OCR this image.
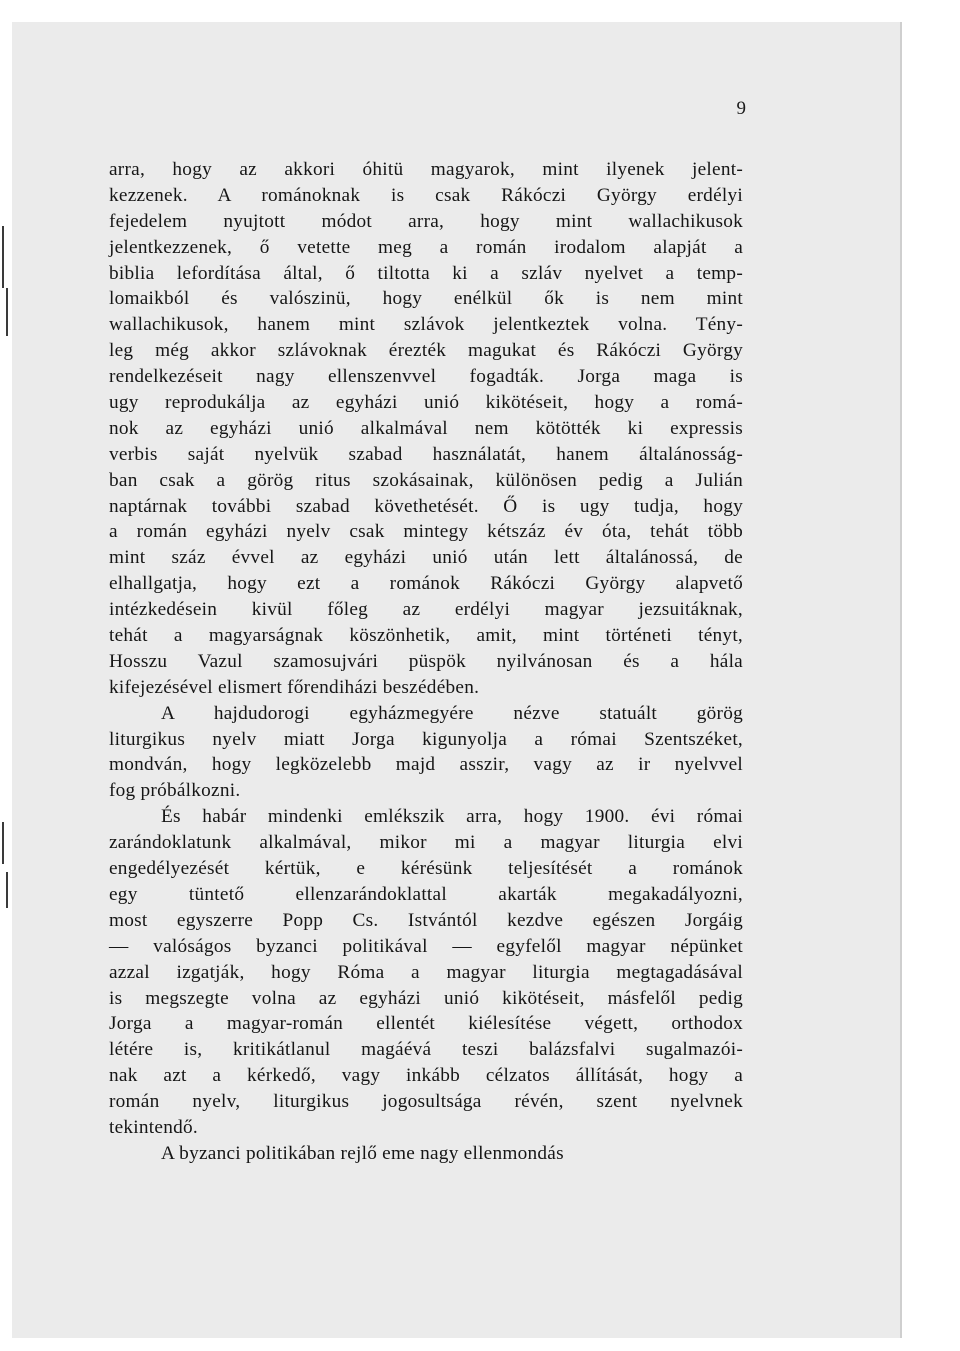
9
arra, hogy az akkori óhitü magyarok, mint ilyenek jelent-
kezzenek. A románoknak is csak Rákóczi György erdélyi
fejedelem nyujtott módot arra, hogy mint wallachikusok
jelentkezzenek, ő vetette meg a román irodalom alapját a
biblia lefordítása által, ő tiltotta ki a szláv nyelvet a temp-
lomaikból és valószinü, hogy enélkül ők is nem mint
wallachikusok, hanem mint szlávok jelentkeztek volna. Tény-
leg még akkor szlávoknak érezték magukat és Rákóczi György
rendelkezéseit nagy ellenszenvvel fogadták. Jorga maga is
ugy reprodukálja az egyházi unió kikötéseit, hogy a romá-
nok az egyházi unió alkalmával nem kötötték ki expressis
verbis saját nyelvük szabad használatát, hanem általánosság-
ban csak a görög ritus szokásainak, különösen pedig a Julián
naptárnak további szabad követhetését. Ő is ugy tudja, hogy
a román egyházi nyelv csak mintegy kétszáz év óta, tehát több
mint száz évvel az egyházi unió után lett általánossá, de
elhallgatja, hogy ezt a románok Rákóczi György alapvető
intézkedésein kivül főleg az erdélyi magyar jezsuitáknak,
tehát a magyarságnak köszönhetik, amit, mint történeti tényt,
Hosszu Vazul szamosujvári püspök nyilvánosan és a hála
kifejezésével elismert főrendiházi beszédében.
A hajdudorogi egyházmegyére nézve statuált görög
liturgikus nyelv miatt Jorga kigunyolja a római Szentszéket,
mondván, hogy legközelebb majd asszir, vagy az ir nyelvvel
fog próbálkozni.
És habár mindenki emlékszik arra, hogy 1900. évi római
zarándoklatunk alkalmával, mikor mi a magyar liturgia elvi
engedélyezését kértük, e kérésünk teljesítését a románok
egy tüntető ellenzarándoklattal akarták megakadályozni,
most egyszerre Popp Cs. Istvántól kezdve egészen Jorgáig
— valóságos byzanci politikával — egyfelől magyar népünket
azzal izgatják, hogy Róma a magyar liturgia megtagadásával
is megszegte volna az egyházi unió kikötéseit, másfelől pedig
Jorga a magyar-román ellentét kiélesítése végett, orthodox
létére is, kritikátlanul magáévá teszi balázsfalvi sugalmazói-
nak azt a kérkedő, vagy inkább célzatos állítását, hogy a
román nyelv, liturgikus jogosultsága révén, szent nyelvnek
tekintendő.
A byzanci politikában rejlő eme nagy ellenmondás
